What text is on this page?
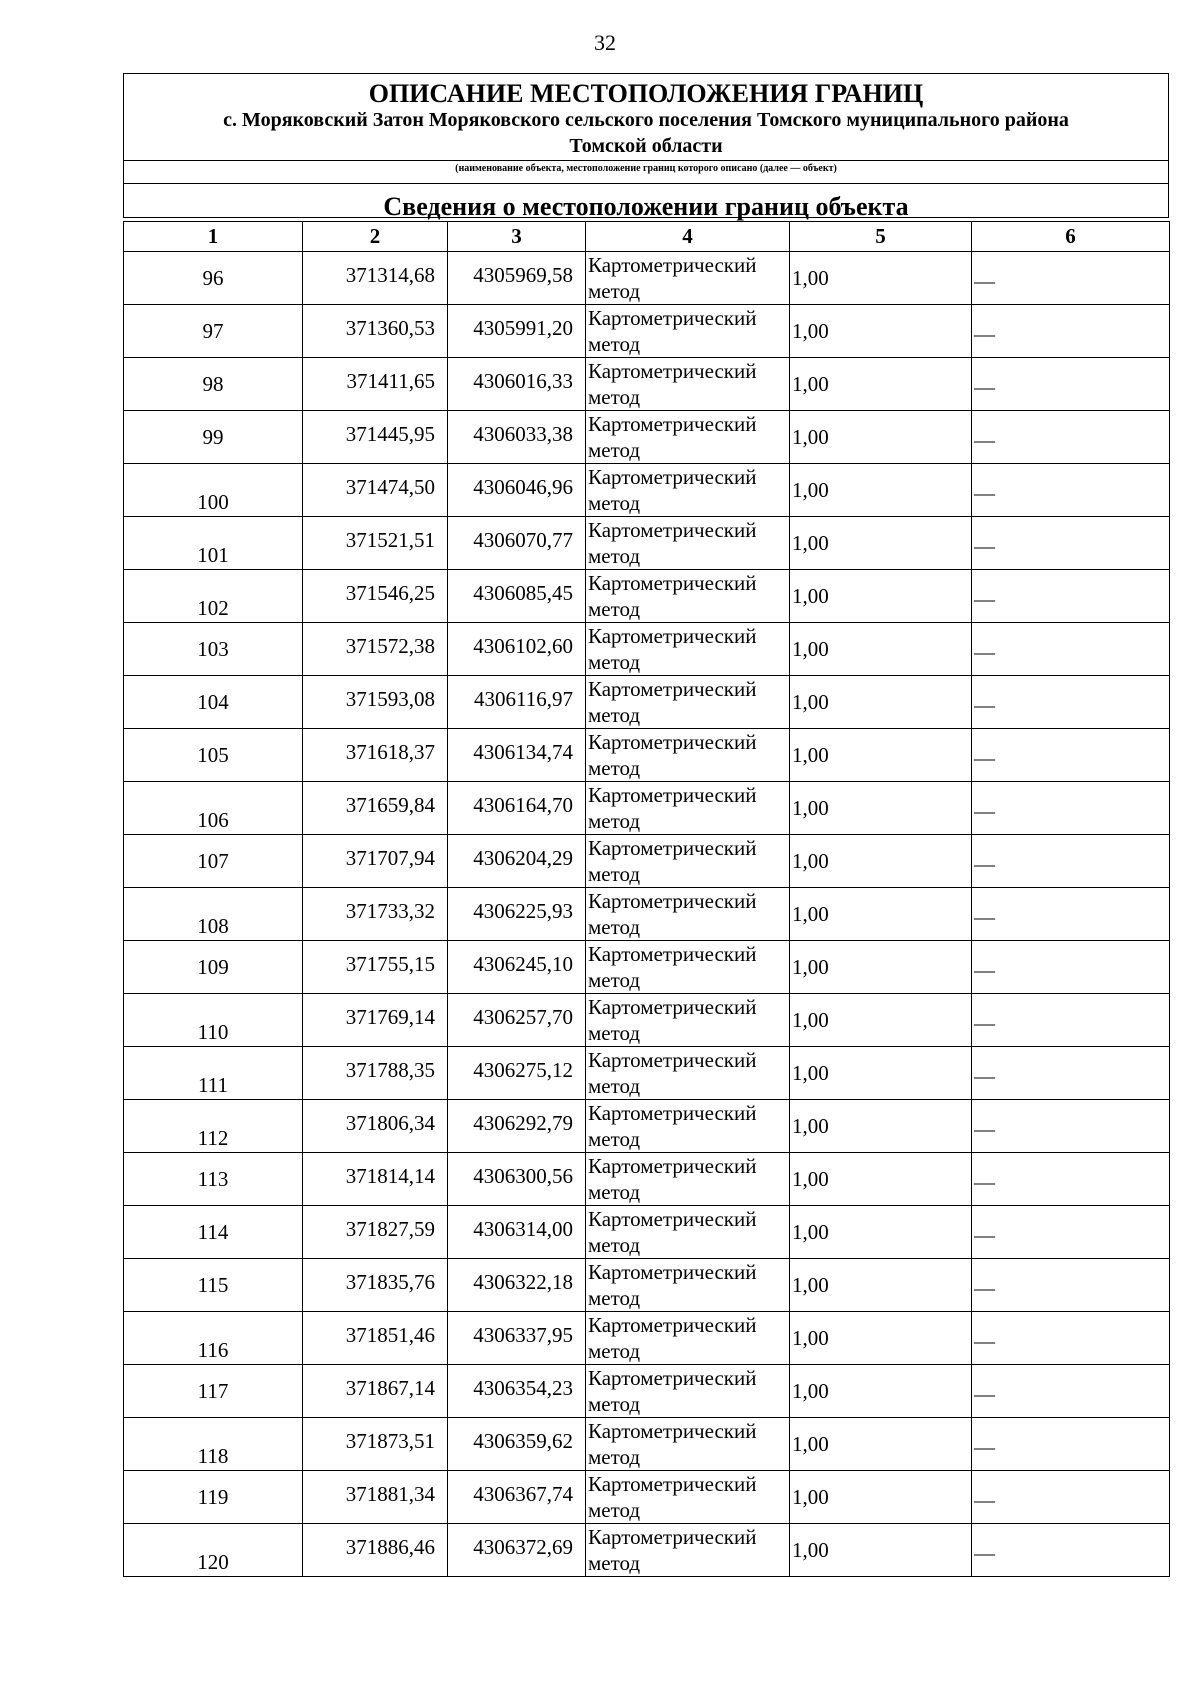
32
ОПИСАНИЕ МЕСТОПОЛОЖЕНИЯ ГРАНИЦ
с. Моряковский Затон Моряковского сельского поселения Томского муниципального района
Томской области
(наименование объекта, местоположение границ которого описано (далее — объект)
Сведения о местоположении границ объекта
1	2	3	4	5	6
96	371314,68	4305969,58	Картометрический
метод	1,00	—

97	371360,53	4305991,20	Картометрический
метод	1,00	—

98	371411,65	4306016,33	Картометрический
метод	1,00	—

99	371445,95	4306033,38	Картометрический
метод	1,00	—

100	371474,50	4306046,96	Картометрический
метод	1,00	—

101	371521,51	4306070,77	Картометрический
метод	1,00	—

102	371546,25	4306085,45	Картометрический
метод	1,00	—

103	371572,38	4306102,60	Картометрический
метод	1,00	—

104	371593,08	4306116,97	Картометрический
метод	1,00	—

105	371618,37	4306134,74	Картометрический
метод	1,00	—

106	371659,84	4306164,70	Картометрический
метод	1,00	—

107	371707,94	4306204,29	Картометрический
метод	1,00	—

108	371733,32	4306225,93	Картометрический
метод	1,00	—

109	371755,15	4306245,10	Картометрический
метод	1,00	—

110	371769,14	4306257,70	Картометрический
метод	1,00	—

111	371788,35	4306275,12	Картометрический
метод	1,00	—

112	371806,34	4306292,79	Картометрический
метод	1,00	—

113	371814,14	4306300,56	Картометрический
метод	1,00	—

114	371827,59	4306314,00	Картометрический
метод	1,00	—

115	371835,76	4306322,18	Картометрический
метод	1,00	—

116	371851,46	4306337,95	Картометрический
метод	1,00	—

117	371867,14	4306354,23	Картометрический
метод	1,00	—

118	371873,51	4306359,62	Картометрический
метод	1,00	—

119	371881,34	4306367,74	Картометрический
метод	1,00	—

120	371886,46	4306372,69	Картометрический
метод	1,00	—
